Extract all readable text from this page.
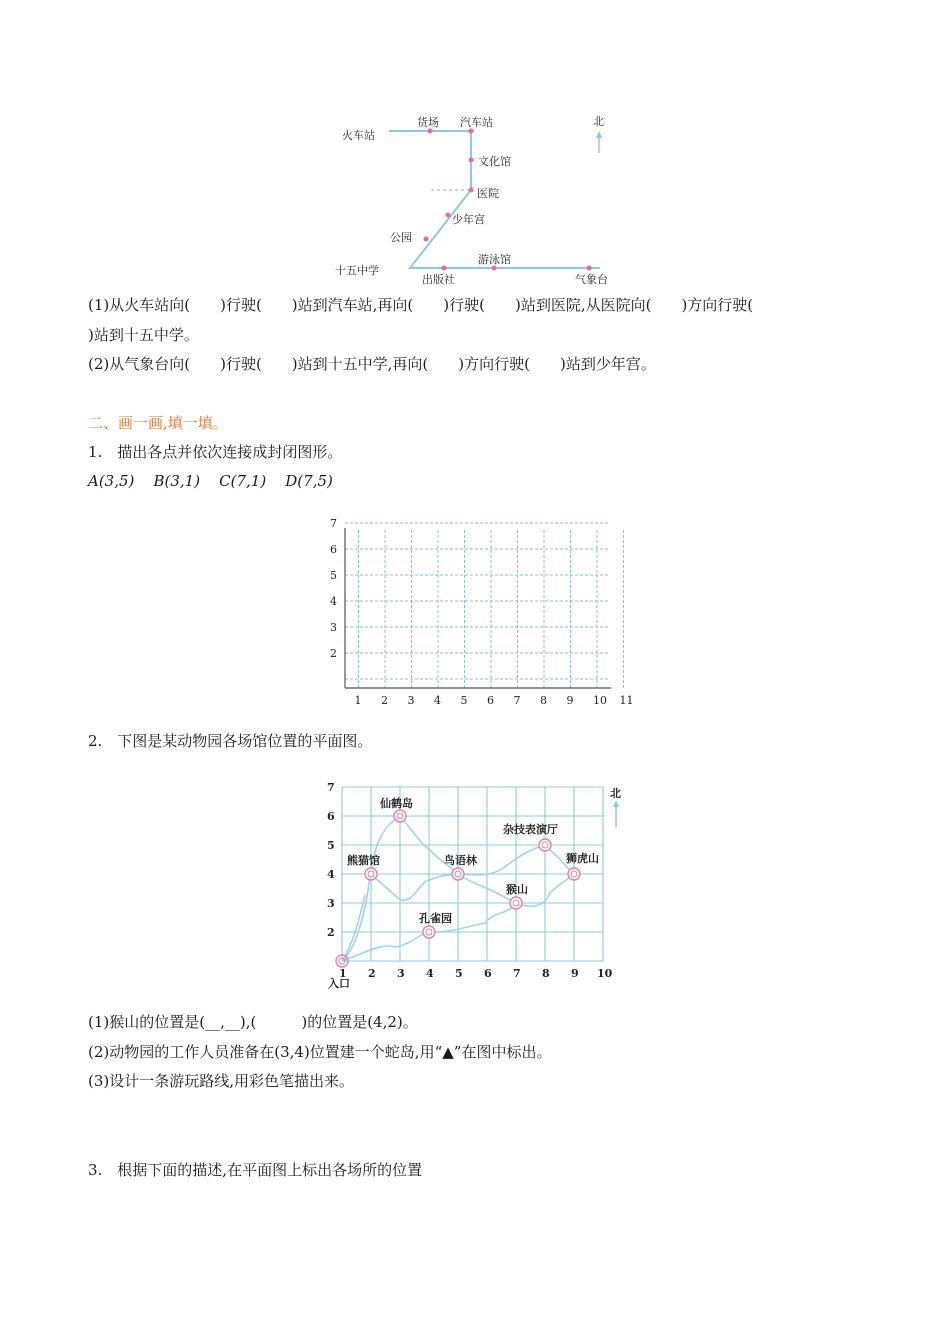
北
火车站
货场 汽车站
文化馆
医院
少年宫
公园
十五中学
出版社
游泳馆
气象台
(1)从火车站向(　　)行驶(　　)站到汽车站,再向(　　)行驶(　　)站到医院,从医院向(　　)方向行驶(
)站到十五中学。
(2)从气象台向(　　)行驶(　　)站到十五中学,再向(　　)方向行驶(　　)站到少年宫。
二、画一画,填一填。
1.　描出各点并依次连接成封闭图形。
A(3,5) B(3,1) C(7,1) D(7,5)
1 2 3 4 5 6 7 8 9 10 11
2
3
4
5
6
7
2.　下图是某动物园各场馆位置的平面图。
北
1 2 3 4 5 6 7 8 9 10
2
3
4
5
6
7
入口
仙鹤岛
杂技表演厅
熊猫馆	鸟语林	狮虎山
猴山
孔雀园
(1)猴山的位置是(__,__),(　　　)的位置是(4,2)。
(2)动物园的工作人员准备在(3,4)位置建一个蛇岛,用“▲”在图中标出。
(3)设计一条游玩路线,用彩色笔描出来。
3.　根据下面的描述,在平面图上标出各场所的位置
